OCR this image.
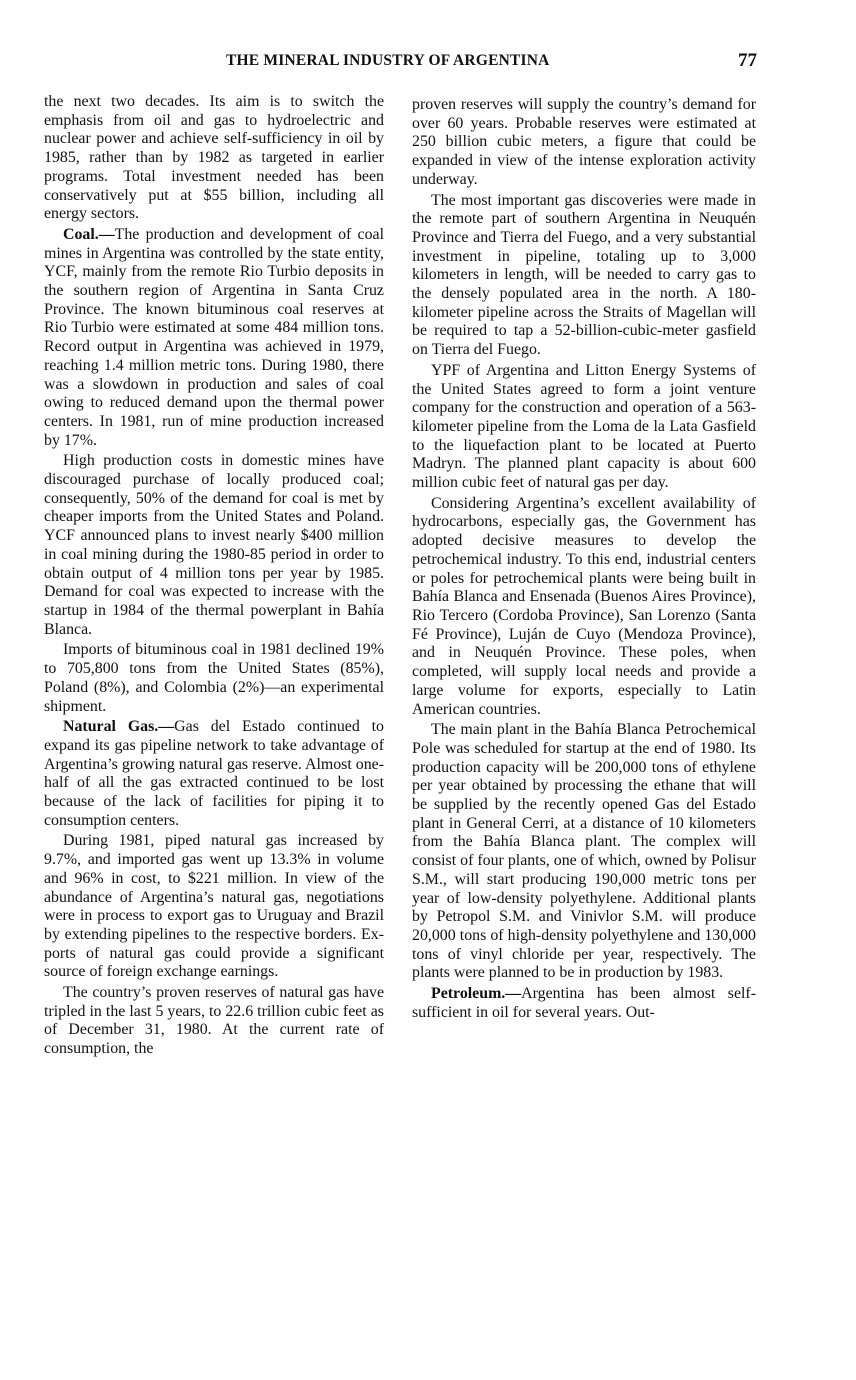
THE MINERAL INDUSTRY OF ARGENTINA	77

the next two decades. Its aim is to switch the emphasis from oil and gas to hydroelectric and nuclear power and achieve self-sufficiency in oil by 1985, rather than by 1982 as targeted in earlier programs. Total investment needed has been conservatively put at $55 billion, including all energy sectors.

Coal.—The production and development of coal mines in Argentina was controlled by the state entity, YCF, mainly from the remote Rio Turbio deposits in the southern region of Argentina in Santa Cruz Province. The known bituminous coal reserves at Rio Turbio were estimated at some 484 million tons. Record output in Argentina was achieved in 1979, reaching 1.4 million metric tons. During 1980, there was a slowdown in production and sales of coal owing to reduced demand upon the thermal power centers. In 1981, run of mine production increased by 17%.

High production costs in domestic mines have discouraged purchase of locally produced coal; consequently, 50% of the demand for coal is met by cheaper imports from the United States and Poland. YCF announced plans to invest nearly $400 million in coal mining during the 1980-85 period in order to obtain output of 4 million tons per year by 1985. Demand for coal was expected to increase with the startup in 1984 of the thermal powerplant in Bahía Blanca.

Imports of bituminous coal in 1981 declined 19% to 705,800 tons from the United States (85%), Poland (8%), and Colombia (2%)—an experimental shipment.

Natural Gas.—Gas del Estado continued to expand its gas pipeline network to take advantage of Argentina’s growing natural gas reserve. Almost one-half of all the gas extracted continued to be lost because of the lack of facilities for piping it to consumption centers.

During 1981, piped natural gas increased by 9.7%, and imported gas went up 13.3% in volume and 96% in cost, to $221 million. In view of the abundance of Argentina’s natural gas, negotiations were in process to export gas to Uruguay and Brazil by extending pipelines to the respective borders. Exports of natural gas could provide a significant source of foreign exchange earnings.

The country’s proven reserves of natural gas have tripled in the last 5 years, to 22.6 trillion cubic feet as of December 31, 1980. At the current rate of consumption, the

proven reserves will supply the country’s demand for over 60 years. Probable reserves were estimated at 250 billion cubic meters, a figure that could be expanded in view of the intense exploration activity underway.

The most important gas discoveries were made in the remote part of southern Argentina in Neuquén Province and Tierra del Fuego, and a very substantial investment in pipeline, totaling up to 3,000 kilometers in length, will be needed to carry gas to the densely populated area in the north. A 180-kilometer pipeline across the Straits of Magellan will be required to tap a 52-billion-cubic-meter gasfield on Tierra del Fuego.

YPF of Argentina and Litton Energy Systems of the United States agreed to form a joint venture company for the construction and operation of a 563-kilometer pipeline from the Loma de la Lata Gasfield to the liquefaction plant to be located at Puerto Madryn. The planned plant capacity is about 600 million cubic feet of natural gas per day.

Considering Argentina’s excellent availability of hydrocarbons, especially gas, the Government has adopted decisive measures to develop the petrochemical industry. To this end, industrial centers or poles for petrochemical plants were being built in Bahía Blanca and Ensenada (Buenos Aires Province), Rio Tercero (Cordoba Province), San Lorenzo (Santa Fé Province), Luján de Cuyo (Mendoza Province), and in Neuquén Province. These poles, when completed, will supply local needs and provide a large volume for exports, especially to Latin American countries.

The main plant in the Bahía Blanca Petrochemical Pole was scheduled for startup at the end of 1980. Its production capacity will be 200,000 tons of ethylene per year obtained by processing the ethane that will be supplied by the recently opened Gas del Estado plant in General Cerri, at a distance of 10 kilometers from the Bahía Blanca plant. The complex will consist of four plants, one of which, owned by Polisur S.M., will start producing 190,000 metric tons per year of low-density polyethylene. Additional plants by Petropol S.M. and Vinivlor S.M. will produce 20,000 tons of high-density polyethylene and 130,000 tons of vinyl chloride per year, respectively. The plants were planned to be in production by 1983.

Petroleum.—Argentina has been almost self-sufficient in oil for several years. Out-
